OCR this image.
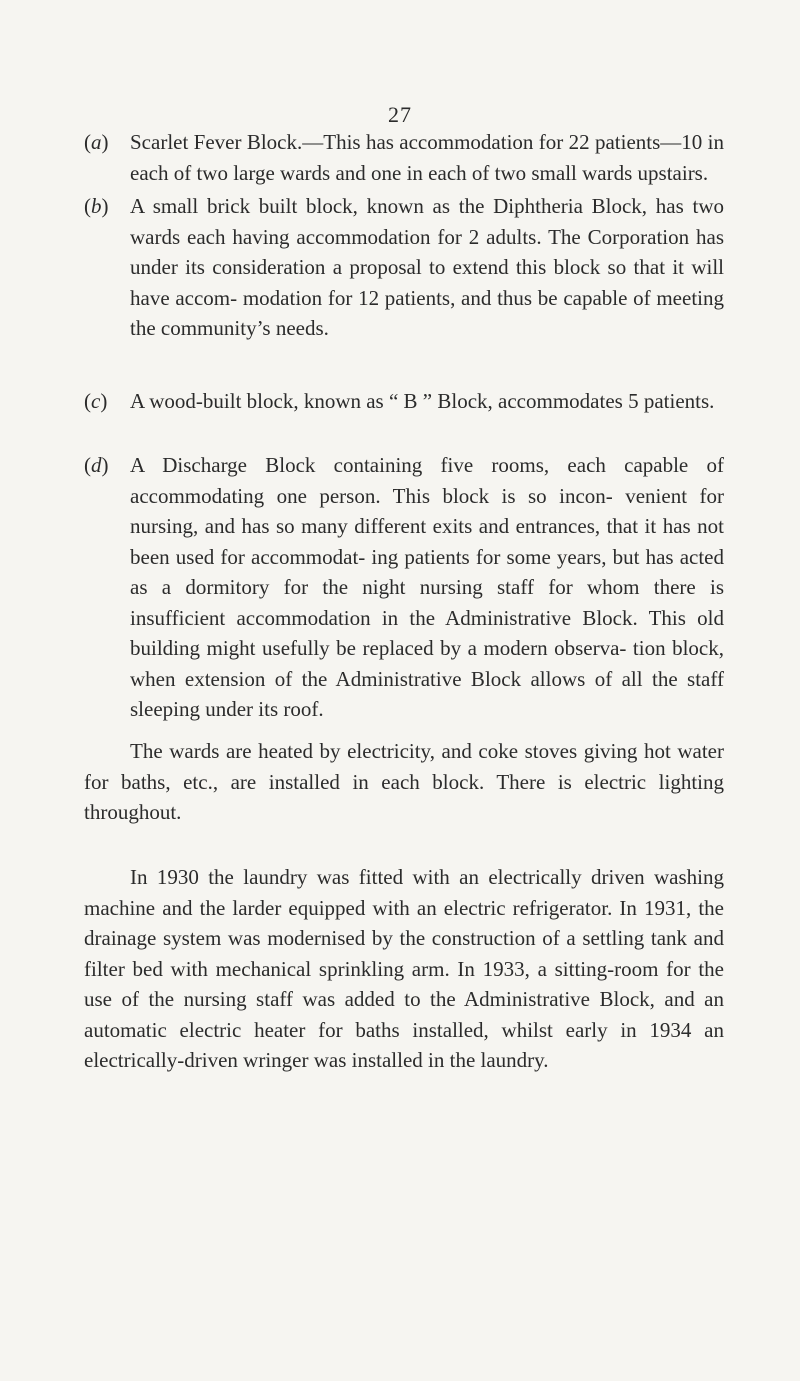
27
(a)	Scarlet Fever Block.—This has accommodation for 22 patients—10 in each of two large wards and one in each of two small wards upstairs.
(b)	A small brick built block, known as the Diphtheria Block, has two wards each having accommodation for 2 adults. The Corporation has under its consideration a proposal to extend this block so that it will have accom- modation for 12 patients, and thus be capable of meeting the community’s needs.
(c)	A wood-built block, known as “ B ” Block, accommodates 5 patients.
(d)	A Discharge Block containing five rooms, each capable of accommodating one person. This block is so incon- venient for nursing, and has so many different exits and entrances, that it has not been used for accommodat- ing patients for some years, but has acted as a dormitory for the night nursing staff for whom there is insufficient accommodation in the Administrative Block. This old building might usefully be replaced by a modern observa- tion block, when extension of the Administrative Block allows of all the staff sleeping under its roof.
The wards are heated by electricity, and coke stoves giving hot water for baths, etc., are installed in each block. There is electric lighting throughout.
In 1930 the laundry was fitted with an electrically driven washing machine and the larder equipped with an electric refrigerator. In 1931, the drainage system was modernised by the construction of a settling tank and filter bed with mechanical sprinkling arm. In 1933, a sitting-room for the use of the nursing staff was added to the Administrative Block, and an automatic electric heater for baths installed, whilst early in 1934 an electrically-driven wringer was installed in the laundry.
